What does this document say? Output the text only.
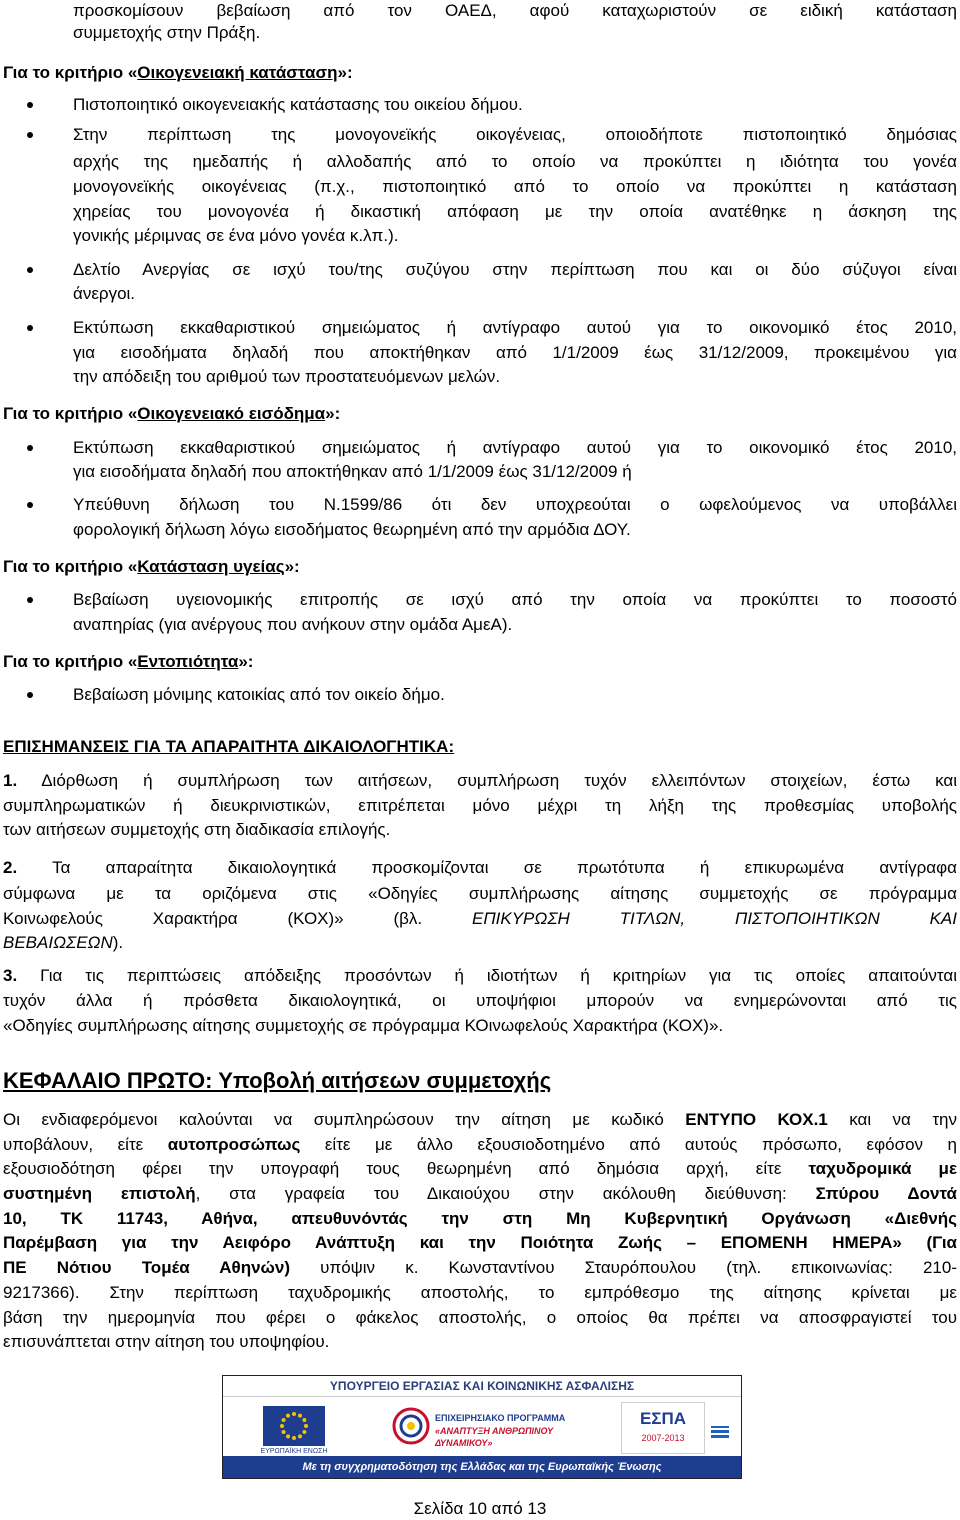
προσκομίσουν βεβαίωση από τον ΟΑΕΔ, αφού καταχωριστούν σε ειδική κατάσταση
συμμετοχής στην Πράξη.
Για το κριτήριο «Οικογενειακή κατάσταση»:
Πιστοποιητικό οικογενειακής κατάστασης του οικείου δήμου.
Στην περίπτωση της μονογονεϊκής οικογένειας, οποιοδήποτε πιστοποιητικό δημόσιας
αρχής της ημεδαπής ή αλλοδαπής από το οποίο να προκύπτει η ιδιότητα του γονέα
μονογονεϊκής οικογένειας (π.χ., πιστοποιητικό από το οποίο να προκύπτει η κατάσταση
χηρείας του μονογονέα ή δικαστική απόφαση με την οποία ανατέθηκε η άσκηση της
γονικής μέριμνας σε ένα μόνο γονέα κ.λπ.).
Δελτίο Ανεργίας σε ισχύ του/της συζύγου στην περίπτωση που και οι δύο σύζυγοι είναι
άνεργοι.
Εκτύπωση εκκαθαριστικού σημειώματος ή αντίγραφο αυτού για το οικονομικό έτος 2010,
για εισοδήματα δηλαδή που αποκτήθηκαν από 1/1/2009 έως 31/12/2009, προκειμένου για
την απόδειξη του αριθμού των προστατευόμενων μελών.
Για το κριτήριο «Οικογενειακό εισόδημα»:
Εκτύπωση εκκαθαριστικού σημειώματος ή αντίγραφο αυτού για το οικονομικό έτος 2010,
για εισοδήματα δηλαδή που αποκτήθηκαν από 1/1/2009 έως 31/12/2009 ή
Υπεύθυνη δήλωση του Ν.1599/86 ότι δεν υποχρεούται ο ωφελούμενος να υποβάλλει
φορολογική δήλωση λόγω εισοδήματος θεωρημένη από την αρμόδια ΔΟΥ.
Για το κριτήριο «Κατάσταση υγείας»:
Βεβαίωση υγειονομικής επιτροπής σε ισχύ από την οποία να προκύπτει το ποσοστό
αναπηρίας (για ανέργους που ανήκουν στην ομάδα ΑμεΑ).
Για το κριτήριο «Εντοπιότητα»:
Βεβαίωση μόνιμης κατοικίας από τον οικείο δήμο.
ΕΠΙΣΗΜΑΝΣΕΙΣ ΓΙΑ ΤΑ ΑΠΑΡΑΙΤΗΤΑ ΔΙΚΑΙΟΛΟΓΗΤΙΚΑ:
1. Διόρθωση ή συμπλήρωση των αιτήσεων, συμπλήρωση τυχόν ελλειπόντων στοιχείων, έστω και
συμπληρωματικών ή διευκρινιστικών, επιτρέπεται μόνο μέχρι τη λήξη της προθεσμίας υποβολής
των αιτήσεων συμμετοχής στη διαδικασία επιλογής.
2. Τα απαραίτητα δικαιολογητικά προσκομίζονται σε πρωτότυπα ή επικυρωμένα αντίγραφα
σύμφωνα με τα οριζόμενα στις «Οδηγίες συμπλήρωσης αίτησης συμμετοχής σε πρόγραμμα
Κοινωφελούς Χαρακτήρα (ΚΟΧ)» (βλ. ΕΠΙΚΥΡΩΣΗ ΤΙΤΛΩΝ, ΠΙΣΤΟΠΟΙΗΤΙΚΩΝ ΚΑΙ
ΒΕΒΑΙΩΣΕΩΝ).
3. Για τις περιπτώσεις απόδειξης προσόντων ή ιδιοτήτων ή κριτηρίων για τις οποίες απαιτούνται
τυχόν άλλα ή πρόσθετα δικαιολογητικά, οι υποψήφιοι μπορούν να ενημερώνονται από τις
«Οδηγίες συμπλήρωσης αίτησης συμμετοχής σε πρόγραμμα ΚΟινωφελούς Χαρακτήρα (ΚΟΧ)».
ΚΕΦΑΛΑΙΟ ΠΡΩΤΟ: Υποβολή αιτήσεων συμμετοχής
Οι ενδιαφερόμενοι καλούνται να συμπληρώσουν την αίτηση με κωδικό ΕΝΤΥΠΟ ΚΟΧ.1 και να την
υποβάλουν, είτε αυτοπροσώπως είτε με άλλο εξουσιοδοτημένο από αυτούς πρόσωπο, εφόσον η
εξουσιοδότηση φέρει την υπογραφή τους θεωρημένη από δημόσια αρχή, είτε ταχυδρομικά με
συστημένη επιστολή, στα γραφεία του Δικαιούχου στην ακόλουθη διεύθυνση: Σπύρου Δοντά
10, ΤΚ 11743, Αθήνα, απευθυνόντάς την στη Μη Κυβερνητική Οργάνωση «Διεθνής
Παρέμβαση για την Αειφόρο Ανάπτυξη και την Ποιότητα Ζωής – ΕΠΟΜΕΝΗ ΗΜΕΡΑ» (Για
ΠΕ Νότιου Τομέα Αθηνών) υπόψιν κ. Κωνσταντίνου Σταυρόπουλου (τηλ. επικοινωνίας: 210-
9217366). Στην περίπτωση ταχυδρομικής αποστολής, το εμπρόθεσμο της αίτησης κρίνεται με
βάση την ημερομηνία που φέρει ο φάκελος αποστολής, ο οποίος θα πρέπει να αποσφραγιστεί του
επισυνάπτεται στην αίτηση του υποψηφίου.
ΥΠΟΥΡΓΕΙΟ ΕΡΓΑΣΙΑΣ ΚΑΙ ΚΟΙΝΩΝΙΚΗΣ ΑΣΦΑΛΙΣΗΣ
ΕΥΡΩΠΑΪΚΗ ΕΝΩΣΗ
ΕΠΙΧΕΙΡΗΣΙΑΚΟ ΠΡΟΓΡΑΜΜΑ
«ΑΝΑΠΤΥΞΗ ΑΝΘΡΩΠΙΝΟΥ ΔΥΝΑΜΙΚΟΥ»
ΕΣΠΑ
2007-2013
Με τη συγχρηματοδότηση της Ελλάδας και της Ευρωπαϊκής Ένωσης
Σελίδα 10 από 13
